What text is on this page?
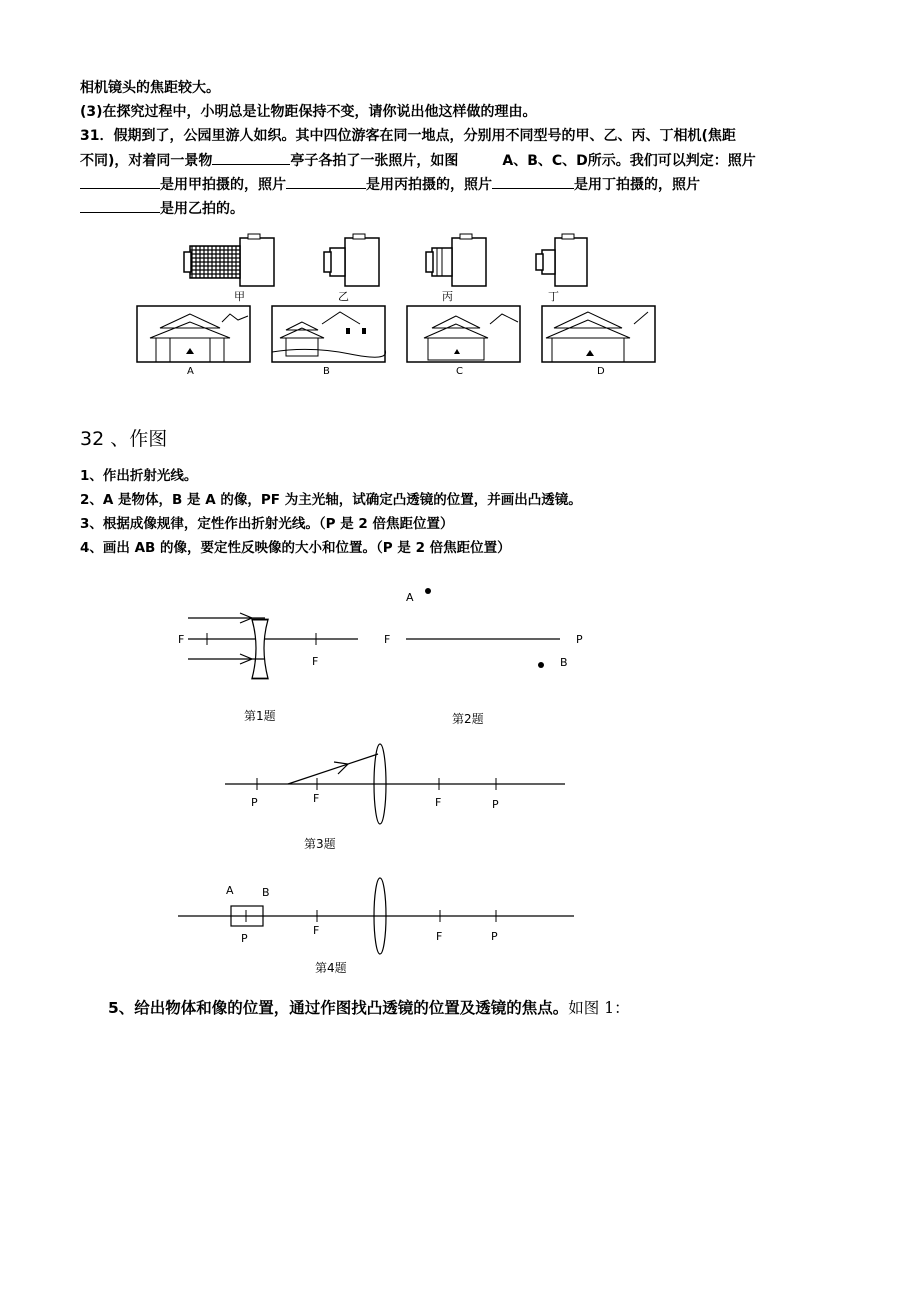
相机镜头的焦距较大。
(3)在探究过程中，小明总是让物距保持不变，请你说出他这样做的理由。
31．假期到了，公园里游人如织。其中四位游客在同一地点，分别用不同型号的甲、乙、丙、丁相机(焦距
不同)，对着同一景物	亭子各拍了一张照片，如图	A、B、C、D所示。我们可以判定：照片
是用甲拍摄的，照片	是用丙拍摄的，照片	是用丁拍摄的，照片
是用乙拍的。
甲	乙	丙	丁
A	B	C	D
32 、作图
1、作出折射光线。
2、A 是物体，B 是 A 的像，PF 为主光轴，试确定凸透镜的位置，并画出凸透镜。
3、根据成像规律，定性作出折射光线。（P 是 2 倍焦距位置）
4、画出 AB 的像，要定性反映像的大小和位置。（P 是 2 倍焦距位置）
F
F
第1题
F	P
A
B
第2题
P	F	F	P
第3题
A	B
P
F	F	P
第4题
5、给出物体和像的位置，通过作图找凸透镜的位置及透镜的焦点。如图 1：
